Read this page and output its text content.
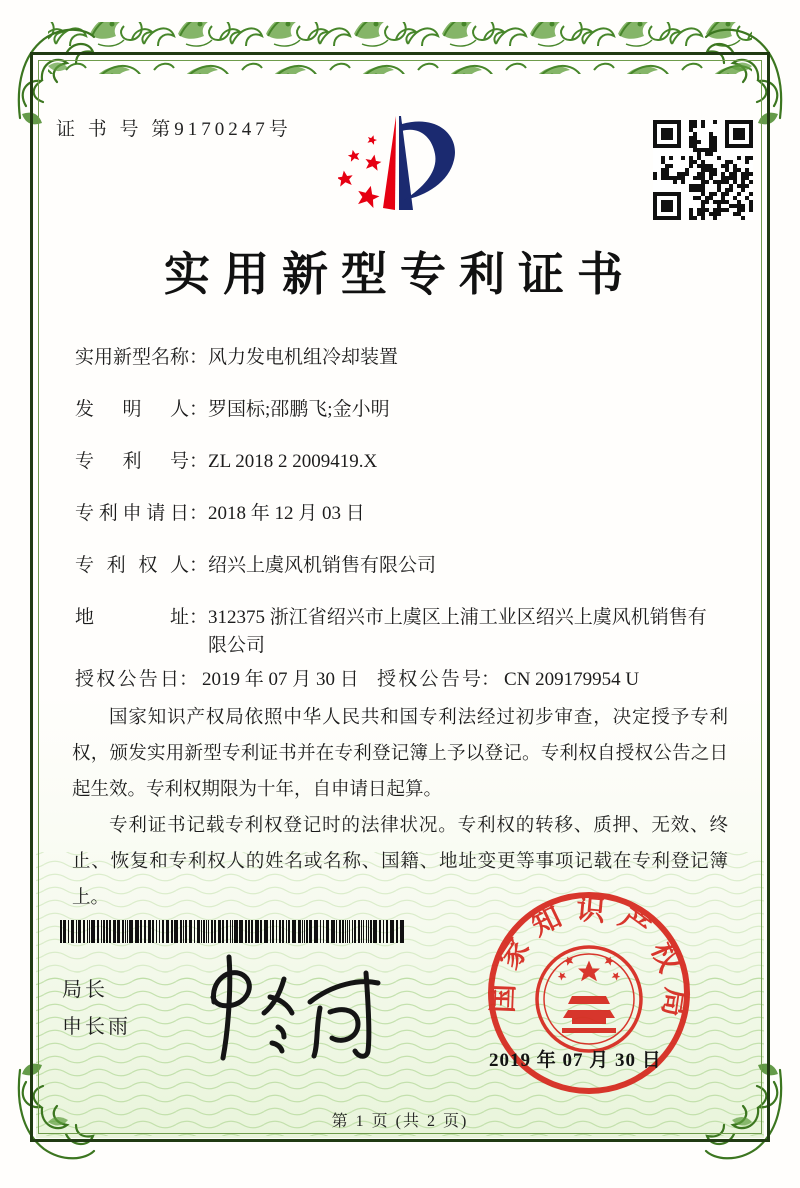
证 书 号 第9170247号
实用新型专利证书
实用新型名称 ： 风力发电机组冷却装置
发明人 ： 罗国标;邵鹏飞;金小明
专利号 ： ZL 2018 2 2009419.X
专利申请日 ： 2018 年 12 月 03 日
专利权人 ： 绍兴上虞风机销售有限公司
地址 ： 312375 浙江省绍兴市上虞区上浦工业区绍兴上虞风机销售有限公司
授权公告日 ： 2019 年 07 月 30 日 授权公告号 ： CN 209179954 U

国家知识产权局依照中华人民共和国专利法经过初步审查，决定授予专利权，颁发实用新型专利证书并在专利登记簿上予以登记。专利权自授权公告之日起生效。专利权期限为十年，自申请日起算。

专利证书记载专利权登记时的法律状况。专利权的转移、质押、无效、终止、恢复和专利权人的姓名或名称、国籍、地址变更等事项记载在专利登记簿上。

局长
申长雨
国家知识产权局
2019 年 07 月 30 日
第 1 页 (共 2 页)
